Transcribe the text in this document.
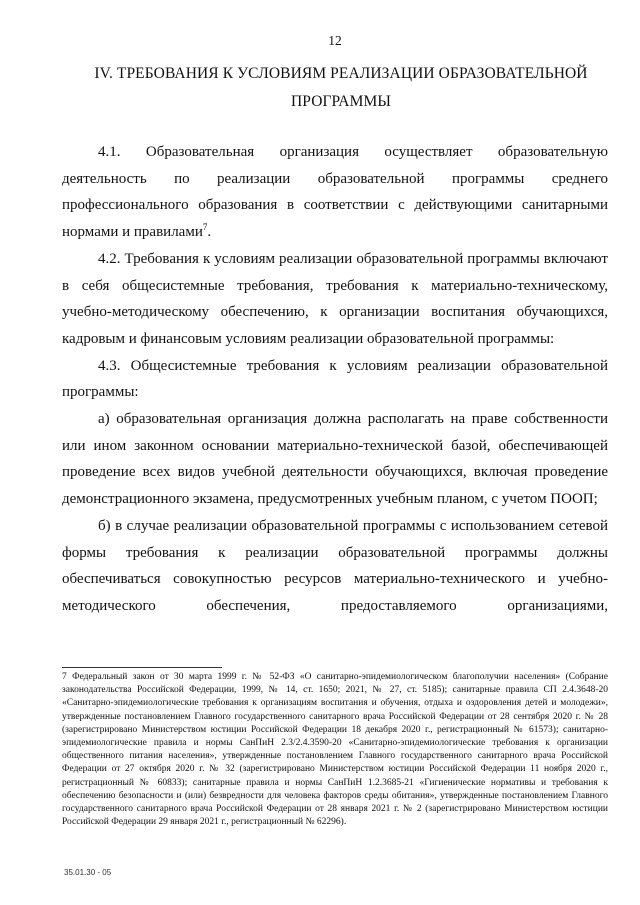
12
IV. ТРЕБОВАНИЯ К УСЛОВИЯМ РЕАЛИЗАЦИИ ОБРАЗОВАТЕЛЬНОЙ ПРОГРАММЫ

4.1. Образовательная организация осуществляет образовательную деятельность по реализации образовательной программы среднего профессионального образования в соответствии с действующими санитарными нормами и правилами$^7$.

4.2. Требования к условиям реализации образовательной программы включают в себя общесистемные требования, требования к материально-техническому, учебно-методическому обеспечению, к организации воспитания обучающихся, кадровым и финансовым условиям реализации образовательной программы:

4.3. Общесистемные требования к условиям реализации образовательной программы:

а) образовательная организация должна располагать на праве собственности или ином законном основании материально-технической базой, обеспечивающей проведение всех видов учебной деятельности обучающихся, включая проведение демонстрационного экзамена, предусмотренных учебным планом, с учетом ПООП;

б) в случае реализации образовательной программы с использованием сетевой формы требования к реализации образовательной программы должны обеспечиваться совокупностью ресурсов материально-технического и учебно-методического обеспечения, предоставляемого организациями,

7 Федеральный закон от 30 марта 1999 г. № 52-ФЗ «О санитарно-эпидемиологическом благополучии населения» (Собрание законодательства Российской Федерации, 1999, № 14, ст. 1650; 2021, № 27, ст. 5185); санитарные правила СП 2.4.3648-20 «Санитарно-эпидемиологические требования к организациям воспитания и обучения, отдыха и оздоровления детей и молодежи», утвержденные постановлением Главного государственного санитарного врача Российской Федерации от 28 сентября 2020 г. № 28 (зарегистрировано Министерством юстиции Российской Федерации 18 декабря 2020 г., регистрационный № 61573); санитарно-эпидемиологические правила и нормы СанПиН 2.3/2.4.3590-20 «Санитарно-эпидемиологические требования к организации общественного питания населения», утвержденные постановлением Главного государственного санитарного врача Российской Федерации от 27 октября 2020 г. № 32 (зарегистрировано Министерством юстиции Российской Федерации 11 ноября 2020 г., регистрационный № 60833); санитарные правила и нормы СанПиН 1.2.3685-21 «Гигиенические нормативы и требования к обеспечению безопасности и (или) безвредности для человека факторов среды обитания», утвержденные постановлением Главного государственного санитарного врача Российской Федерации от 28 января 2021 г. № 2 (зарегистрировано Министерством юстиции Российской Федерации 29 января 2021 г., регистрационный № 62296).

35.01.30 - 05
